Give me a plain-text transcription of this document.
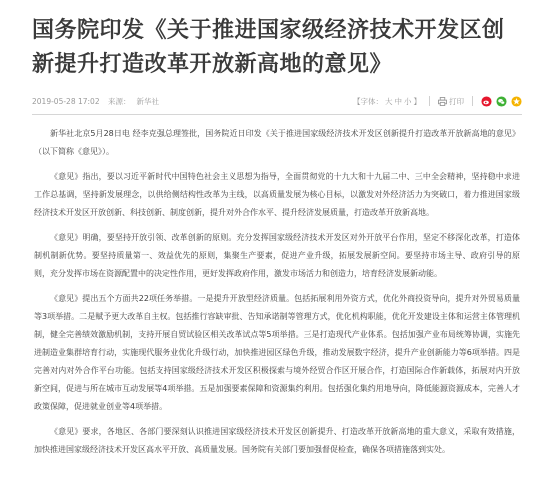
国务院印发《关于推进国家级经济技术开发区创新提升打造改革开放新高地的意见》
2019-05-28 17:02 来源： 新华社	【字体： 大 中 小 】	打印

新华社北京5月28日电 经李克强总理签批，国务院近日印发《关于推进国家级经济技术开发区创新提升打造改革开放新高地的意见》（以下简称《意见》）。

《意见》指出，要以习近平新时代中国特色社会主义思想为指导，全面贯彻党的十九大和十九届二中、三中全会精神，坚持稳中求进工作总基调，坚持新发展理念，以供给侧结构性改革为主线，以高质量发展为核心目标，以激发对外经济活力为突破口，着力推进国家级经济技术开发区开放创新、科技创新、制度创新，提升对外合作水平、提升经济发展质量，打造改革开放新高地。

《意见》明确，要坚持开放引领、改革创新的原则。充分发挥国家级经济技术开发区对外开放平台作用，坚定不移深化改革，打造体制机制新优势。要坚持质量第一、效益优先的原则，集聚生产要素，促进产业升级，拓展发展新空间。要坚持市场主导、政府引导的原则，充分发挥市场在资源配置中的决定性作用，更好发挥政府作用，激发市场活力和创造力，培育经济发展新动能。

《意见》提出五个方面共22项任务举措。一是提升开放型经济质量。包括拓展利用外资方式，优化外商投资导向，提升对外贸易质量等3项举措。二是赋予更大改革自主权。包括推行容缺审批、告知承诺制等管理方式，优化机构职能，优化开发建设主体和运营主体管理机制，健全完善绩效激励机制，支持开展自贸试验区相关改革试点等5项举措。三是打造现代产业体系。包括加强产业布局统筹协调，实施先进制造业集群培育行动，实施现代服务业优化升级行动，加快推进园区绿色升级，推动发展数字经济，提升产业创新能力等6项举措。四是完善对内对外合作平台功能。包括支持国家级经济技术开发区积极探索与境外经贸合作区开展合作，打造国际合作新载体，拓展对内开放新空间，促进与所在城市互动发展等4项举措。五是加强要素保障和资源集约利用。包括强化集约用地导向，降低能源资源成本，完善人才政策保障，促进就业创业等4项举措。

《意见》要求，各地区、各部门要深刻认识推进国家级经济技术开发区创新提升、打造改革开放新高地的重大意义，采取有效措施，加快推进国家级经济技术开发区高水平开放、高质量发展。国务院有关部门要加强督促检查，确保各项措施落到实处。
